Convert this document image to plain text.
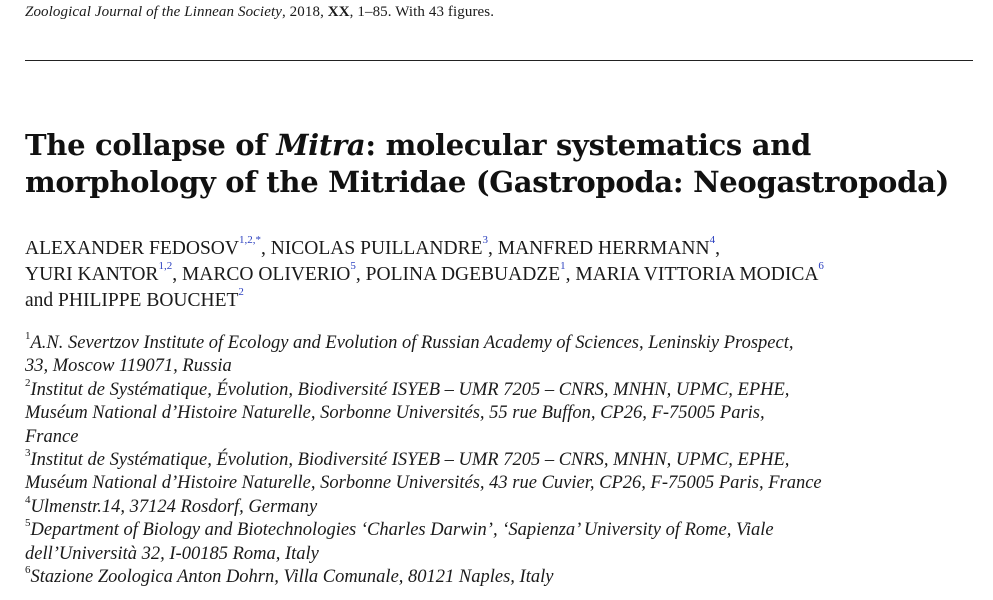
Zoological Journal of the Linnean Society, 2018, XX, 1–85. With 43 figures.
The collapse of Mitra: molecular systematics and
morphology of the Mitridae (Gastropoda: Neogastropoda)
ALEXANDER $FEDOSOV^{1,2,*}$, NICOLAS PUILLANDRE$^3$, MANFRED HERRMANN$^4$,
YURI KANTOR$^{1,2}$, MARCO OLIVERIO$^5$, POLINA DGEBUADZE$^1$, MARIA VITTORIA MODICA$^6$
and PHILIPPE BOUCHET$^2$
$^1$A.N. Severtzov Institute of Ecology and Evolution of Russian Academy of Sciences, Leninskiy Prospect,
33, Moscow 119071, Russia
$^2$Institut de Systématique, Évolution, Biodiversité ISYEB – UMR 7205 – CNRS, MNHN, UPMC, EPHE,
Muséum National d’Histoire Naturelle, Sorbonne Universités, 55 rue Buffon, CP26, F-75005 Paris,
France
$^3$Institut de Systématique, Évolution, Biodiversité ISYEB – UMR 7205 – CNRS, MNHN, UPMC, EPHE,
Muséum National d’Histoire Naturelle, Sorbonne Universités, 43 rue Cuvier, CP26, F-75005 Paris, France
$^4$Ulmenstr.14, 37124 Rosdorf, Germany
$^5$Department of Biology and Biotechnologies ‘Charles Darwin’, ‘Sapienza’ University of Rome, Viale
dell’Università 32, I-00185 Roma, Italy
$^6$Stazione Zoologica Anton Dohrn, Villa Comunale, 80121 Naples, Italy
